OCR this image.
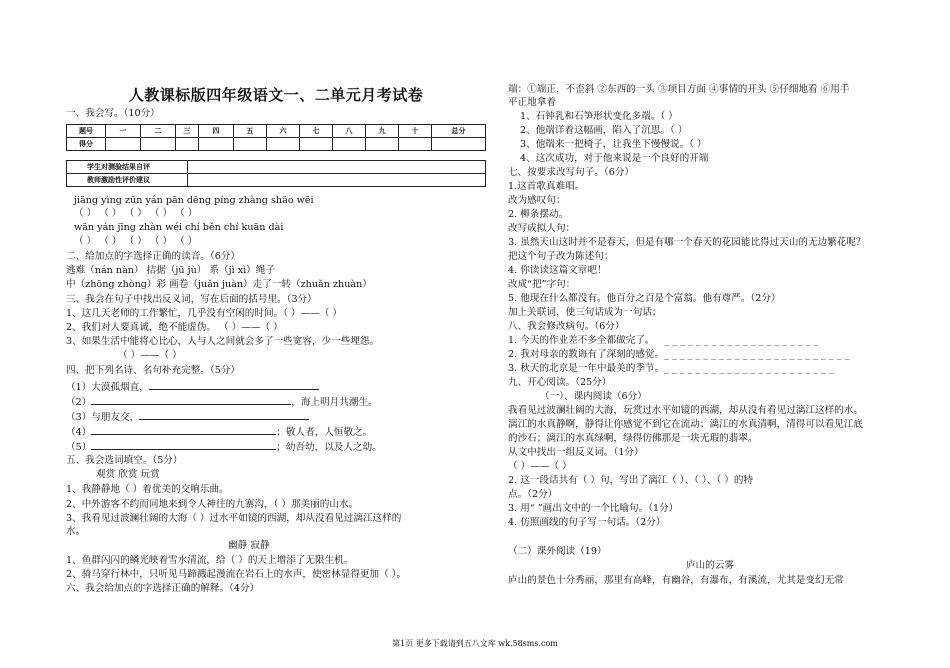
人教课标版四年级语文一、二单元月考试卷
一、我会写。（10分）
题号	一	二	三	四	五	六	七	八	九	十	总分
得分											
学生对测验结果自评	
教师激励性评价建议	
jiāng yìng zūn yán pān dēng píng zhàng shāo wēi
（ ） （ ） （ ） （ ） （ ）
wān yán jīng zhàn wéi chí běn chí kuān dài
（ ） （ ） （ ） （ ） （ ）
二、给加点的字选择正确的读音。（6分）
逃难（nán nàn） 拮据（jū jù） 系（jì xì）绳子
中（zhōng zhòng）彩 画卷（juǎn juàn）走了一转（zhuǎn zhuàn）
三、我会在句子中找出反义词，写在后面的括号里。（3分）
1、这几天老师的工作繁忙，几乎没有空闲的时间。（ ）——（ ）
2、我们对人要真诚，绝不能虚伪。 （ ）——（ ）
3、如果生活中能将心比心，人与人之间就会多了一些宽容，少一些埋怨。
（ ）——（ ）
四、把下列名诗、名句补充完整。（5分）
（1）大漠孤烟直，
（2）	，海上明月共潮生。
（3）与朋友交，
（4）	；敬人者，人恒敬之。
（5）	；幼吾幼，以及人之幼。
五、我会选词填空。（5分）
观赏 欣赏 玩赏
1、我静静地（ ）着优美的交响乐曲。
2、中外游客不约而同地来到令人神往的九寨沟，（ ）那美丽的山水。
3、我看见过波澜壮阔的大海（ ）过水平如镜的西湖，却从没看见过漓江这样的
水。
幽静 寂静
1、鱼群闪闪的鳞光映着雪水清流，给（ ）的天上增添了无限生机。
2、骑马穿行林中，只听见马蹄溅起漫流在岩石上的水声，使密林显得更加（ ）。
六、我会给加点的字选择正确的解释。（4分）
端：①端正，不歪斜 ②东西的一头 ③项目方面 ④事情的开头 ⑤仔细地看 ⑥用手
平正地拿着
1、石钟乳和石笋形状变化多端。（ ）
2、他端详着这幅画，陷入了沉思。（ ）
3、他端来一把椅子，让我坐下慢慢说。（ ）
4、这次成功，对于他来说是一个良好的开端
七、按要求改写句子。（6分）
1.这首歌真难唱。
改为感叹句：
2. 柳条摆动。
改写成拟人句：
3. 虽然天山这时并不是春天，但是有哪一个春天的花园能比得过天山的无边繁花呢？
把这个句子改为陈述句：
4. 你读读这篇文章吧！
改成“把”字句：
5. 他现在什么都没有。他百分之百是个富翁。他有尊严。（2分）
加上关联词，使三句话成为一句话；
八、我会修改病句。（6分）
1. 今天的作业差不多全都做完了。 _ _ _ _ _ _ _ _ _ _ _ _ _ _ _ _ _ _ _ _
2. 我对母亲的教诲有了深刻的感觉。_ _ _ _ _ _ _ _ _ _ _ _ _ _ _ _ _ _ _ _ _ _ _ _
3. 秋天的北京是一年中最美的季节。_ _ _ _ _ _ _ _ _ _ _ _ _ _ _ _ _ _ _ _ _ _
九、开心阅读。（25分）
（一）、课内阅读（6分）
我看见过波澜壮阔的大海，玩赏过水平如镜的西湖，却从没有看见过漓江这样的水。
漓江的水真静啊，静得让你感觉不到它在流动；漓江的水真清啊，清得可以看见江底
的沙石；漓江的水真绿啊，绿得仿佛那是一块无瑕的翡翠。
从文中找出一组反义词。（1分）
（ ）——（ ）
2. 这一段话共有（ ）句，写出了漓江（ ）、（ ）、（ ）的特
点。（2分）
3. 用“ ”画出文中的一个比喻句。（1分）
4. 仿照画线的句子写一句话。（2分）
（二）课外阅读（19）
庐山的云雾
庐山的景色十分秀丽，那里有高峰，有幽谷，有瀑布，有溪流，尤其是变幻无常
第1页 更多下载请到五八文库 wk.58sms.com
